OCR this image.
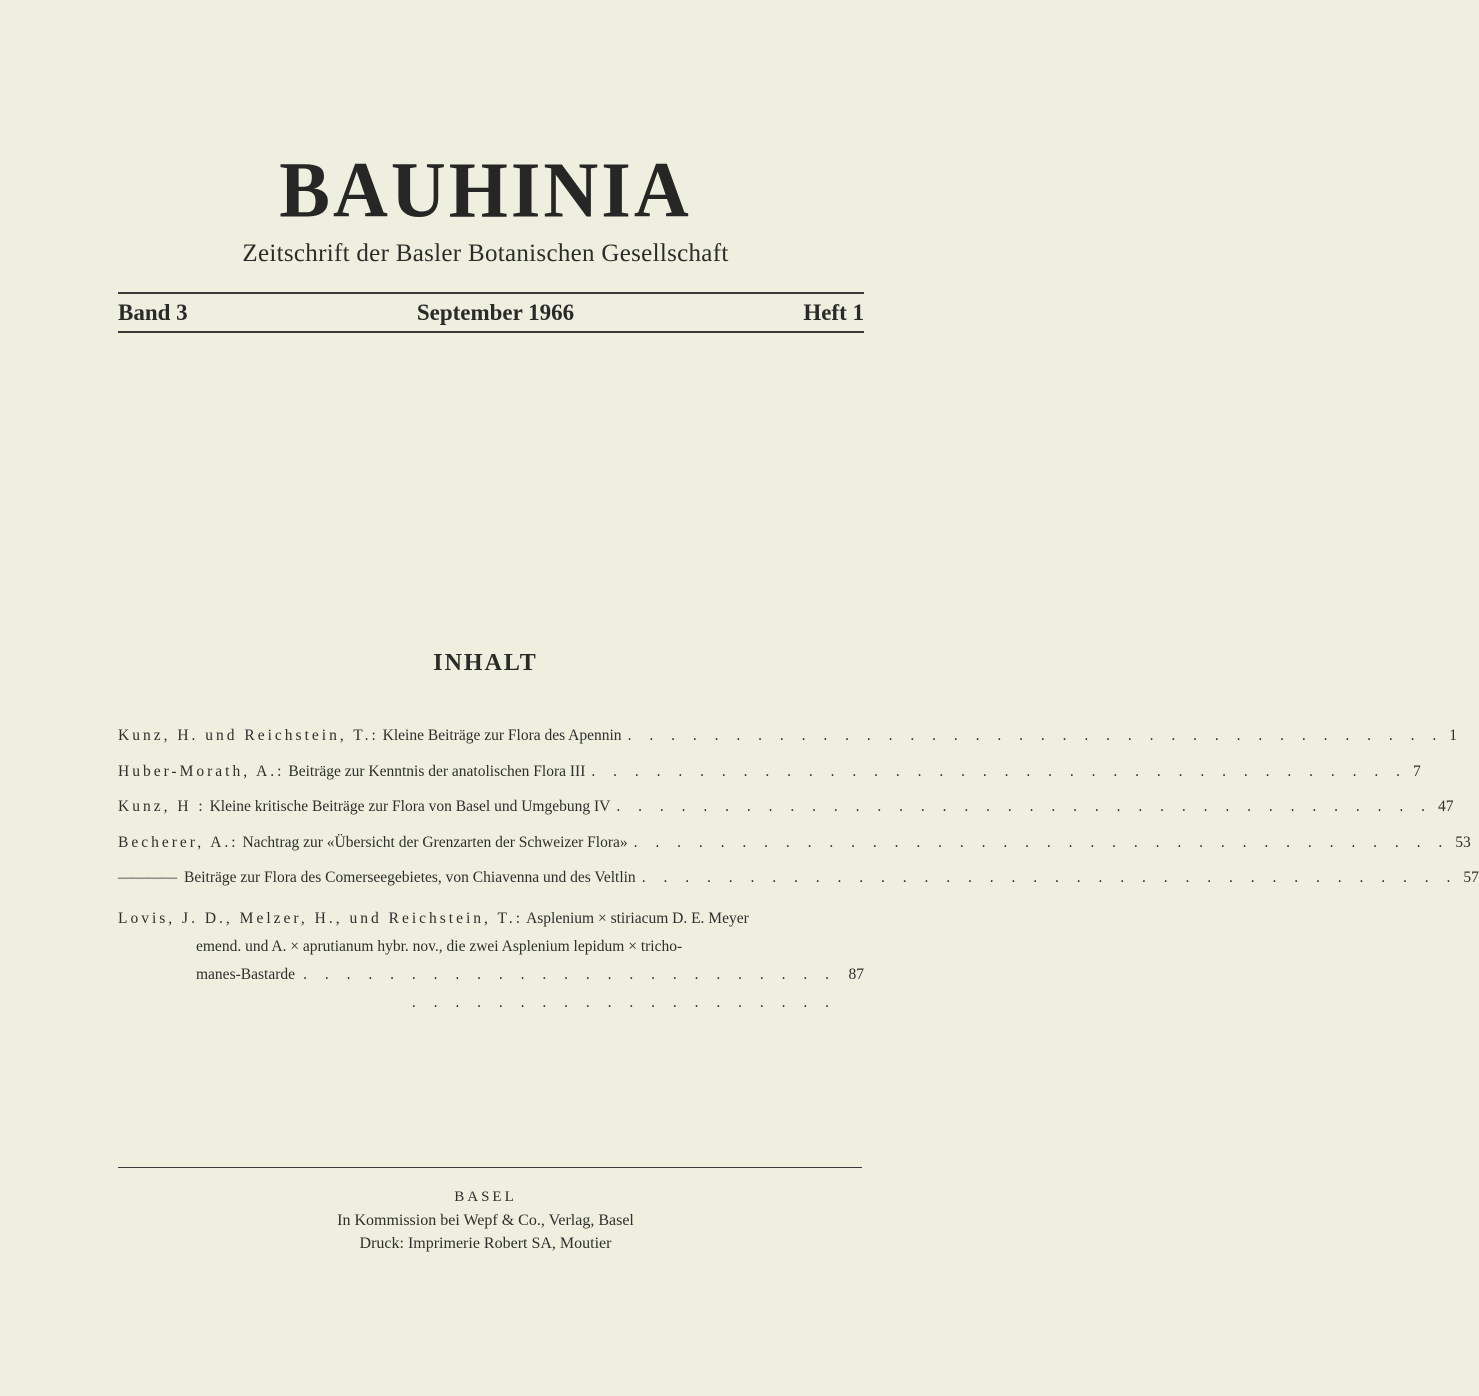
BAUHINIA
Zeitschrift der Basler Botanischen Gesellschaft
Band 3	September 1966	Heft 1
INHALT
Kunz, H. und Reichstein, T.:
Kleine Beiträge zur Flora des Apennin . . . . . . . . . . . . . . . . . . . . . . . . . . . . . . . . . . . . . . 1
Huber-Morath, A.:
Beiträge zur Kenntnis der anatolischen Flora III . . . . . . . . . . . . . . . . . . . . . . . . . . . . . . . . . . . . . . 7
Kunz, H :
Kleine kritische Beiträge zur Flora von Basel und Umgebung IV . . . . . . . . . . . . . . . . . . . . . . . . . . . . . . . . . . . . . . 47
Becherer, A.:
Nachtrag zur «Übersicht der Grenzarten der Schweizer Flora» . . . . . . . . . . . . . . . . . . . . . . . . . . . . . . . . . . . . . . 53
———— Beiträge zur Flora des Comerseegebietes, von Chiavenna und des Veltlin . . . . . . . . . . . . . . . . . . . . . . . . . . . . . . . . . . . . . . 57
Lovis, J. D., Melzer, H., und Reichstein, T.: Asplenium × stiriacum D. E. Meyer
emend. und A. × aprutianum hybr. nov., die zwei Asplenium lepidum × tricho-
manes-Bastarde . . . . . . . . . . . . . . . . . . . . . . . . . . . . . . . . . . . . . . . . . . . . .
87
BASEL
In Kommission bei Wepf & Co., Verlag, Basel
Druck: Imprimerie Robert SA, Moutier
